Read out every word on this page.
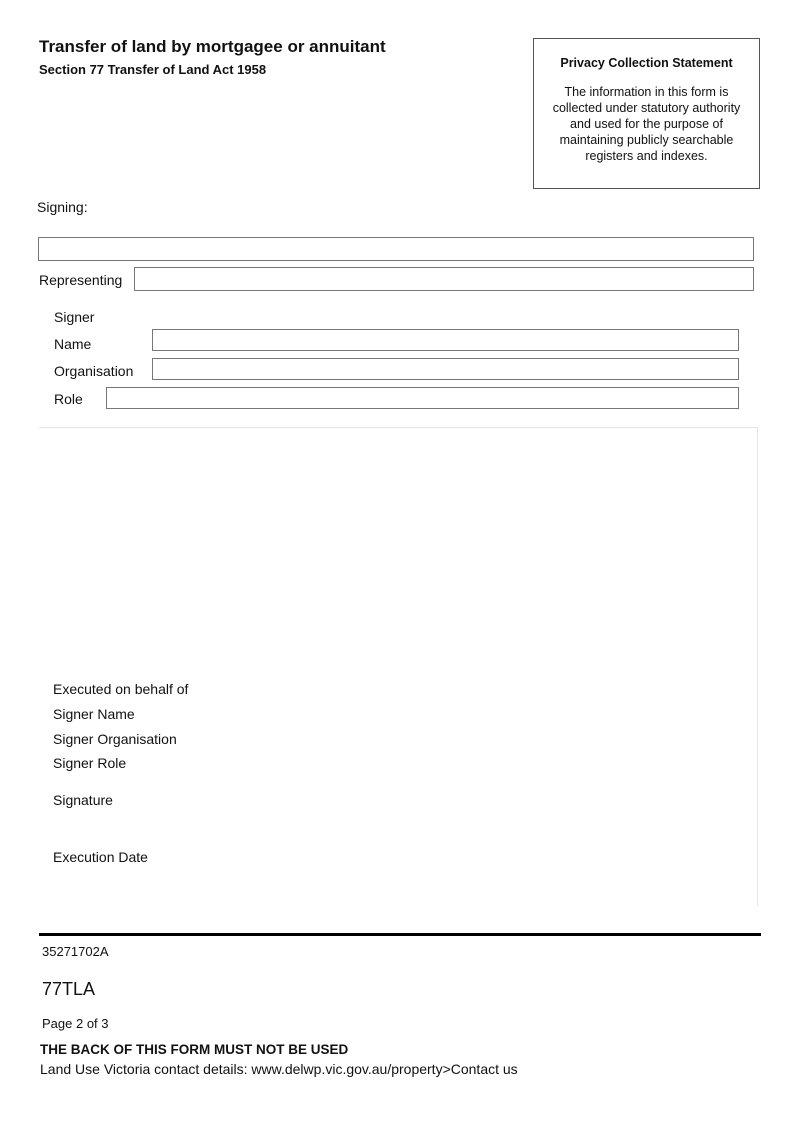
Transfer of land by mortgagee or annuitant
Section 77 Transfer of Land Act 1958	Privacy Collection Statement
The information in this form is collected under statutory authority and used for the purpose of maintaining publicly searchable registers and indexes.
Signing:
Representing
Signer
Name
Organisation
Role
Executed on behalf of
Signer Name
Signer Organisation
Signer Role
Signature
Execution Date
35271702A
77TLA
Page 2 of 3
THE BACK OF THIS FORM MUST NOT BE USED
Land Use Victoria contact details: www.delwp.vic.gov.au/property>Contact us
